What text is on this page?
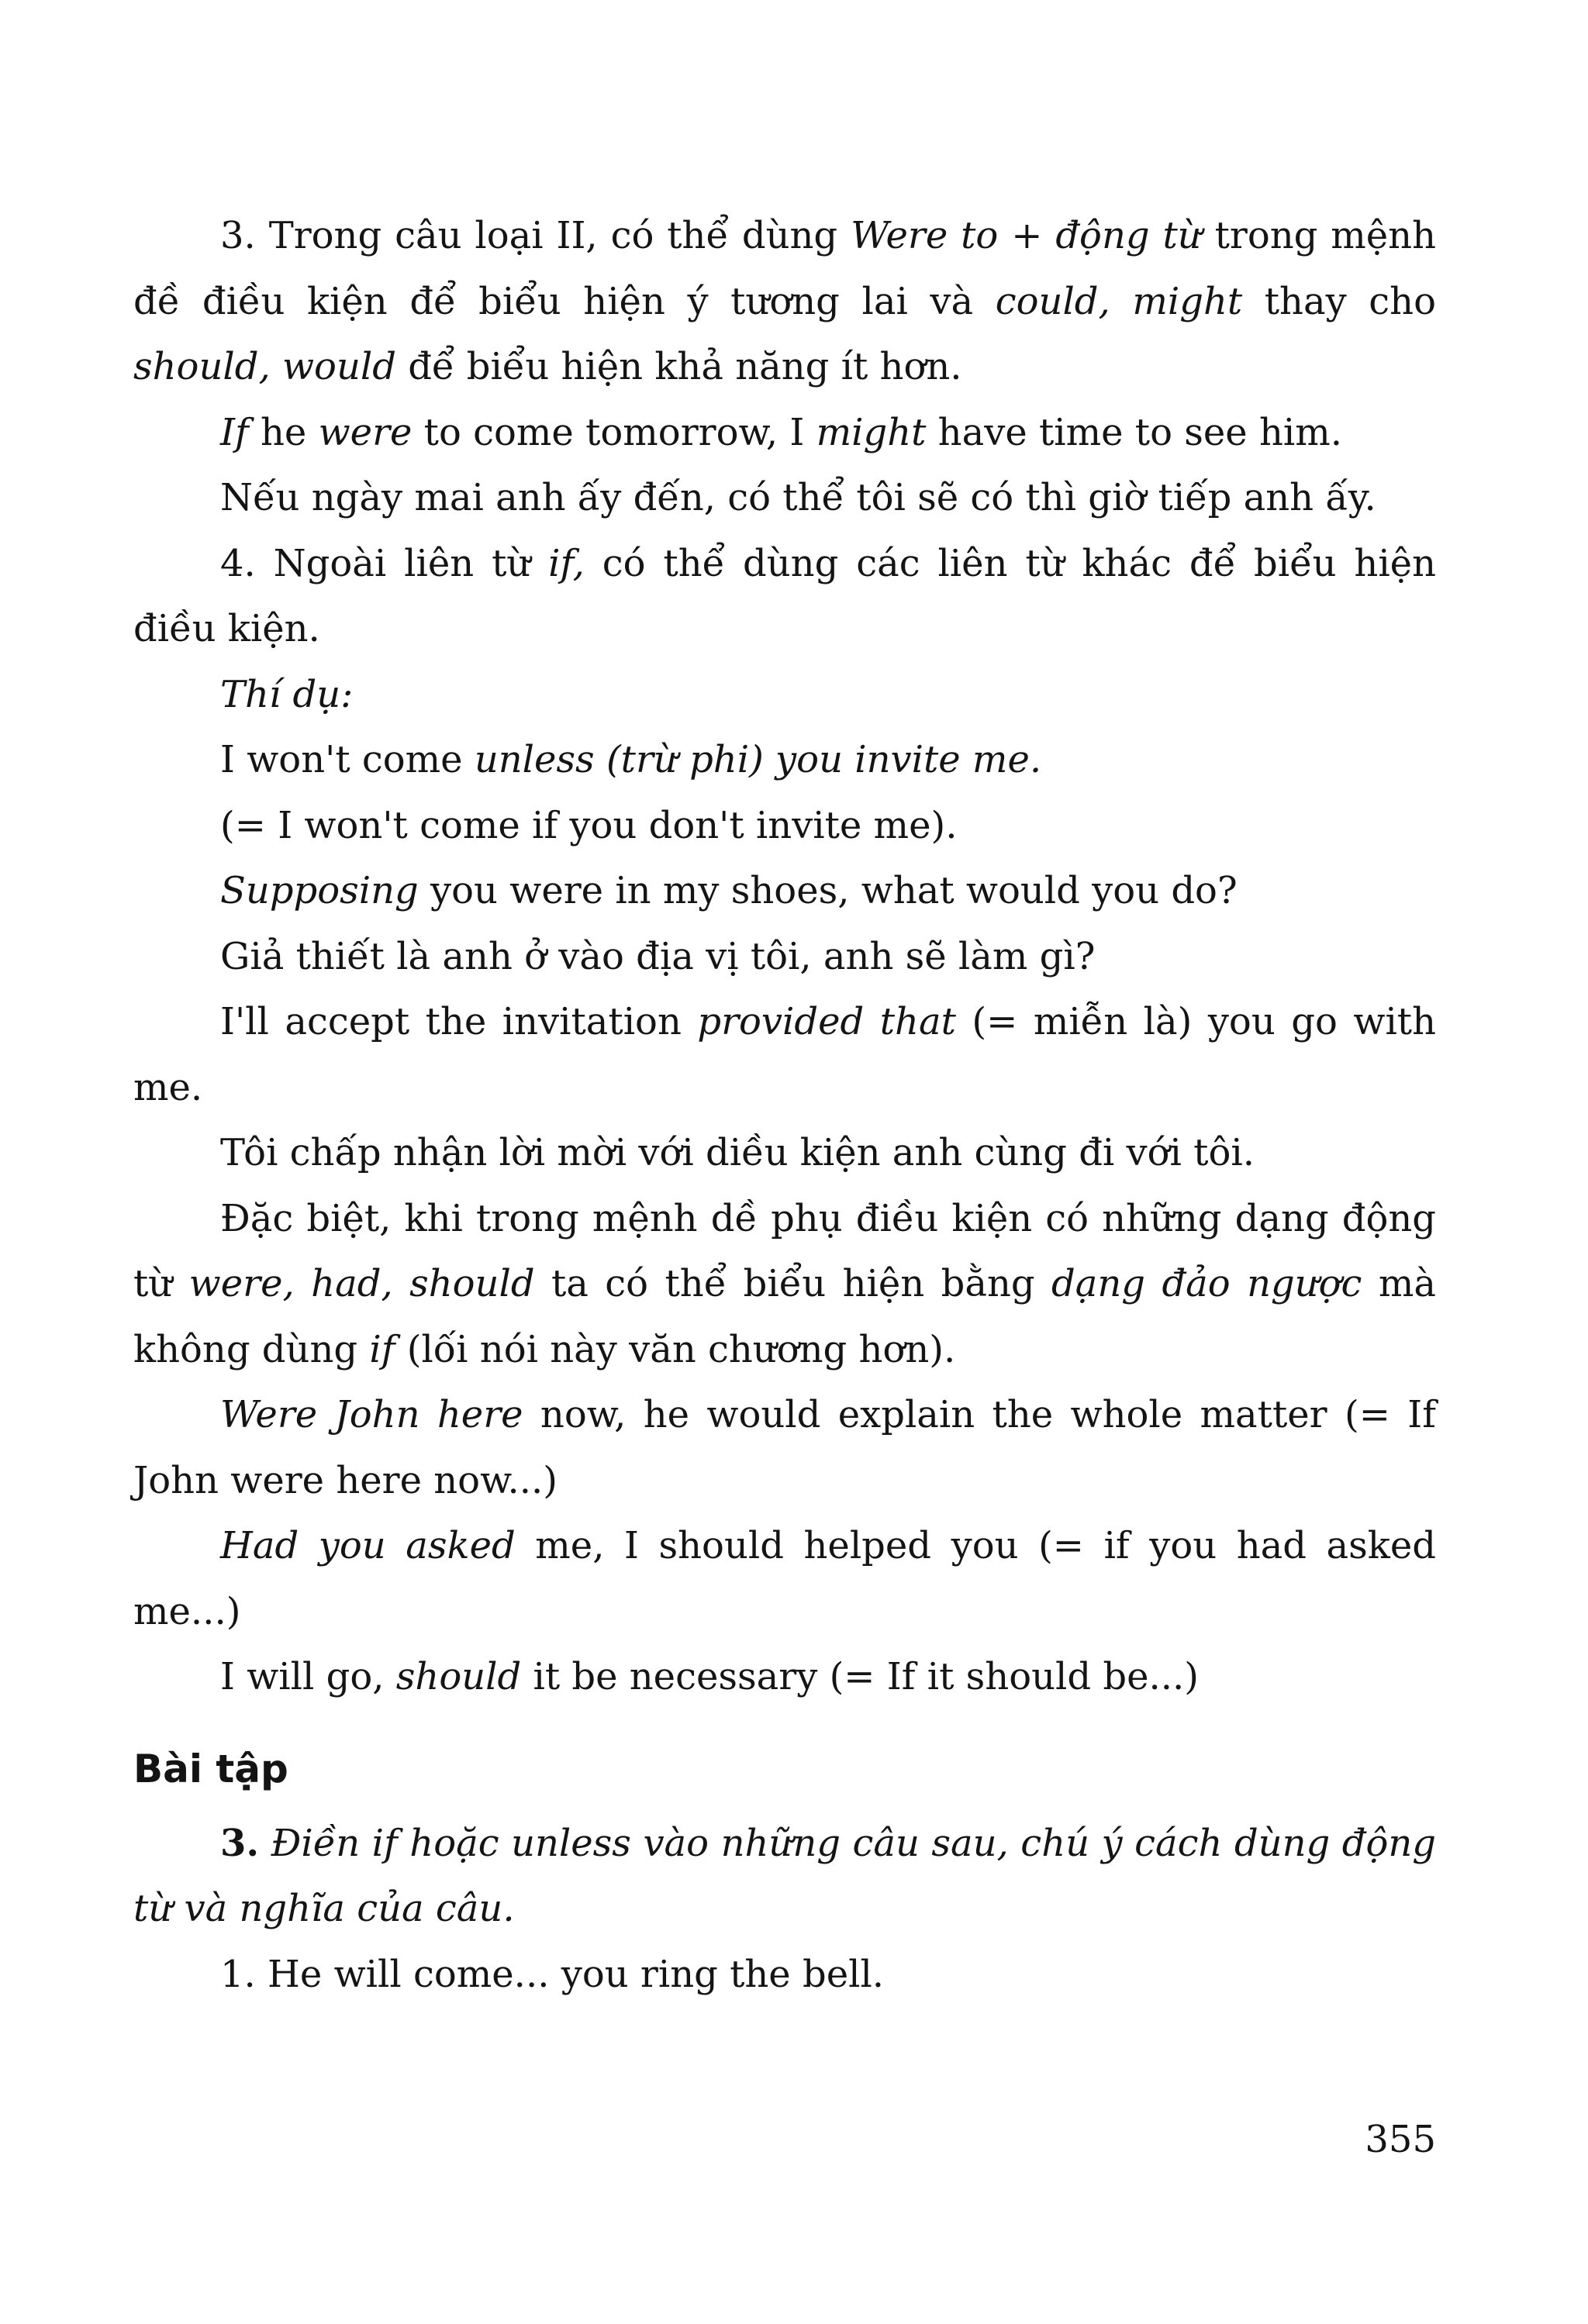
3. Trong câu loại II, có thể dùng Were to + động từ trong mệnh đề điều kiện để biểu hiện ý tương lai và could, might thay cho should, would để biểu hiện khả năng ít hơn.

If he were to come tomorrow, I might have time to see him.

Nếu ngày mai anh ấy đến, có thể tôi sẽ có thì giờ tiếp anh ấy.

4. Ngoài liên từ if, có thể dùng các liên từ khác để biểu hiện điều kiện.

Thí dụ:

I won't come unless (trừ phi) you invite me.

(= I won't come if you don't invite me).

Supposing you were in my shoes, what would you do?

Giả thiết là anh ở vào địa vị tôi, anh sẽ làm gì?

I'll accept the invitation provided that (= miễn là) you go with me.

Tôi chấp nhận lời mời với diều kiện anh cùng đi với tôi.

Đặc biệt, khi trong mệnh dề phụ điều kiện có những dạng động từ were, had, should ta có thể biểu hiện bằng dạng đảo ngược mà không dùng if (lối nói này văn chương hơn).

Were John here now, he would explain the whole matter (= If John were here now...)

Had you asked me, I should helped you (= if you had asked me...)

I will go, should it be necessary (= If it should be...)

Bài tập

3. Điền if hoặc unless vào những câu sau, chú ý cách dùng động từ và nghĩa của câu.

1. He will come... you ring the bell.

355
